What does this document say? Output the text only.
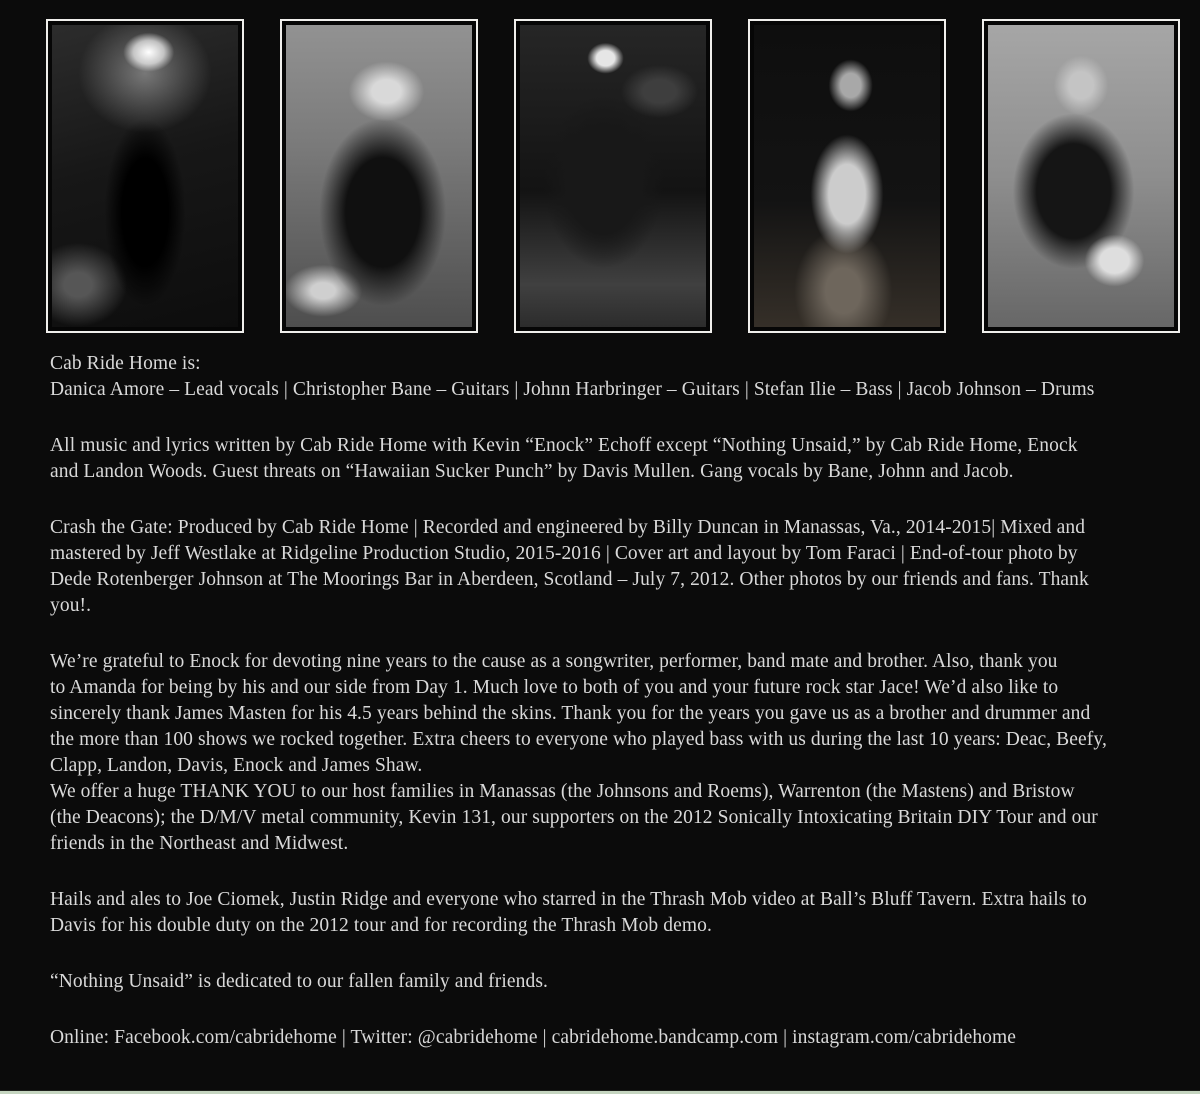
Cab Ride Home is:
Danica Amore – Lead vocals | Christopher Bane – Guitars | Johnn Harbringer – Guitars | Stefan Ilie – Bass | Jacob Johnson – Drums
All music and lyrics written by Cab Ride Home with Kevin “Enock” Echoff except “Nothing Unsaid,” by Cab Ride Home, Enock
and Landon Woods. Guest threats on “Hawaiian Sucker Punch” by Davis Mullen. Gang vocals by Bane, Johnn and Jacob.
Crash the Gate: Produced by Cab Ride Home | Recorded and engineered by Billy Duncan in Manassas, Va., 2014-2015| Mixed and
mastered by Jeff Westlake at Ridgeline Production Studio, 2015-2016 | Cover art and layout by Tom Faraci | End-of-tour photo by
Dede Rotenberger Johnson at The Moorings Bar in Aberdeen, Scotland – July 7, 2012. Other photos by our friends and fans. Thank
you!.
We’re grateful to Enock for devoting nine years to the cause as a songwriter, performer, band mate and brother. Also, thank you
to Amanda for being by his and our side from Day 1. Much love to both of you and your future rock star Jace! We’d also like to
sincerely thank James Masten for his 4.5 years behind the skins. Thank you for the years you gave us as a brother and drummer and
the more than 100 shows we rocked together. Extra cheers to everyone who played bass with us during the last 10 years: Deac, Beefy,
Clapp, Landon, Davis, Enock and James Shaw.
We offer a huge THANK YOU to our host families in Manassas (the Johnsons and Roems), Warrenton (the Mastens) and Bristow
(the Deacons); the D/M/V metal community, Kevin 131, our supporters on the 2012 Sonically Intoxicating Britain DIY Tour and our
friends in the Northeast and Midwest.
Hails and ales to Joe Ciomek, Justin Ridge and everyone who starred in the Thrash Mob video at Ball’s Bluff Tavern. Extra hails to
Davis for his double duty on the 2012 tour and for recording the Thrash Mob demo.
“Nothing Unsaid” is dedicated to our fallen family and friends.
Online: Facebook.com/cabridehome | Twitter: @cabridehome | cabridehome.bandcamp.com | instagram.com/cabridehome
